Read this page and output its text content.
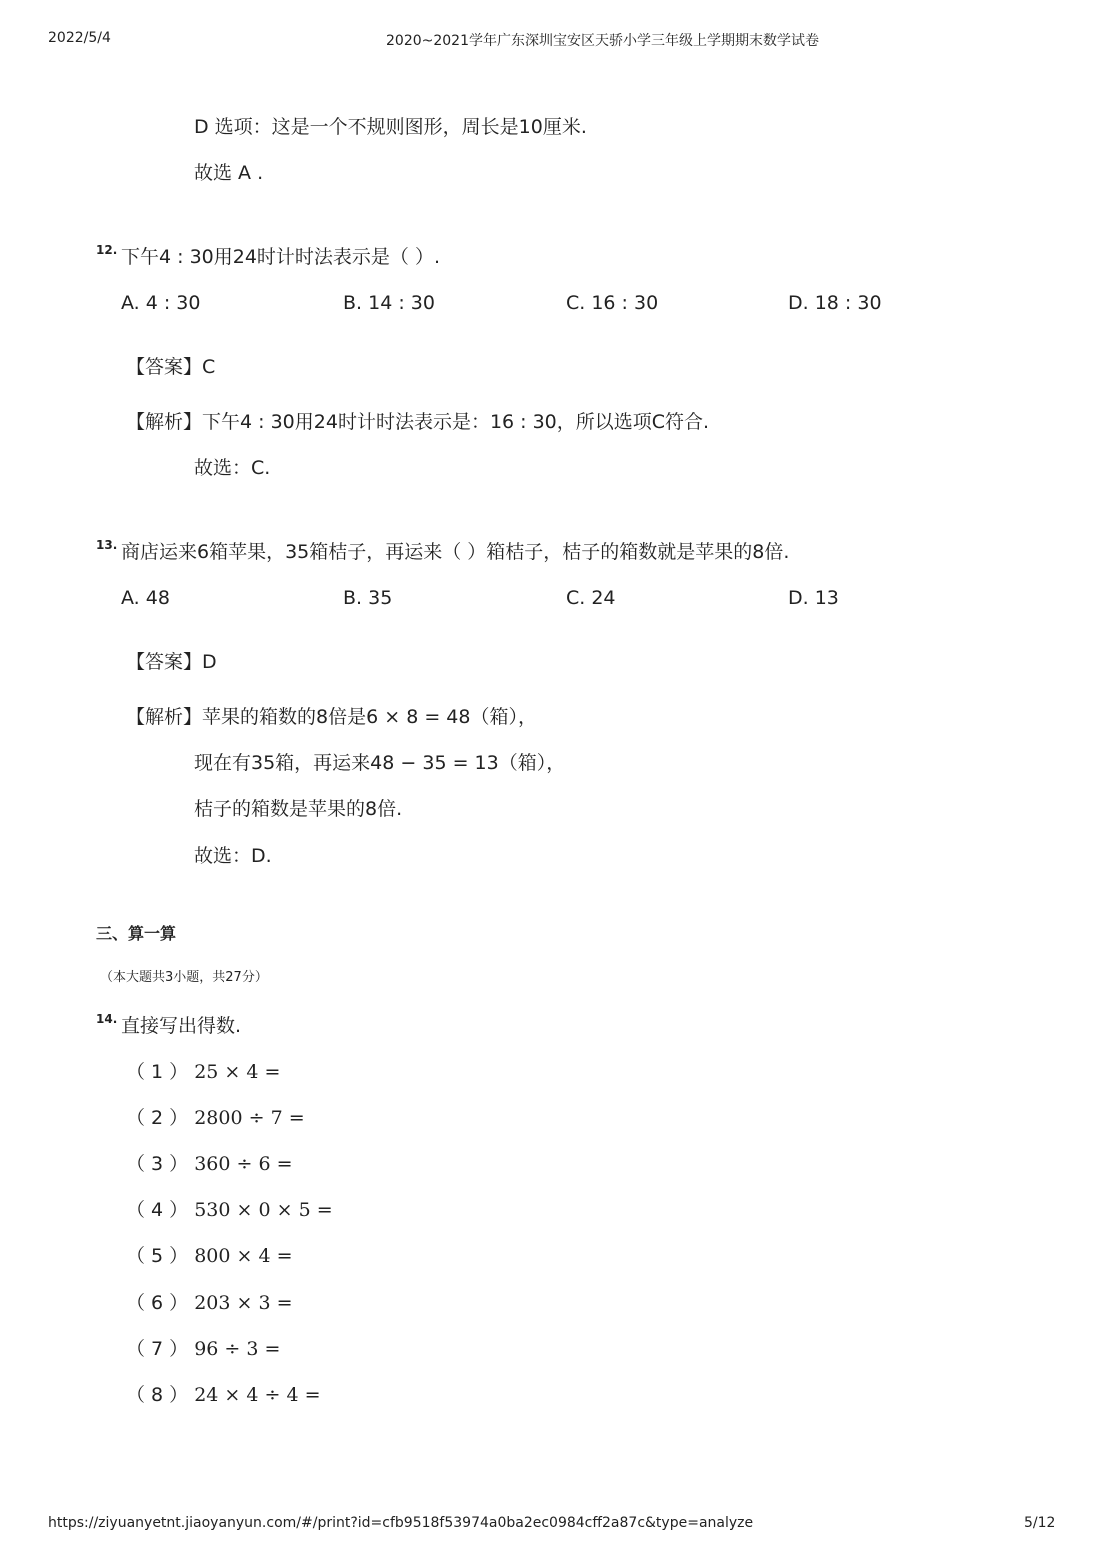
2022/5/4	2020~2021学年广东深圳宝安区天骄小学三年级上学期期末数学试卷
D 选项：这是一个不规则图形，周长是10厘米.
故选 A .
12. 下午4 : 30用24时计时法表示是（ ）.
A. 4 : 30	B. 14 : 30	C. 16 : 30	D. 18 : 30
【答案】C
【解析】下午4 : 30用24时计时法表示是：16 : 30，所以选项C符合.
故选：C.
13. 商店运来6箱苹果，35箱桔子，再运来（ ）箱桔子，桔子的箱数就是苹果的8倍.
A. 48	B. 35	C. 24	D. 13
【答案】D
【解析】苹果的箱数的8倍是6 × 8 = 48（箱），
现在有35箱，再运来48 − 35 = 13（箱），
桔子的箱数是苹果的8倍.
故选：D.
三、算一算
（本大题共3小题，共27分）
14. 直接写出得数.
（ 1 ） 25 × 4 =
（ 2 ） 2800 ÷ 7 =
（ 3 ） 360 ÷ 6 =
（ 4 ） 530 × 0 × 5 =
（ 5 ） 800 × 4 =
（ 6 ） 203 × 3 =
（ 7 ） 96 ÷ 3 =
（ 8 ） 24 × 4 ÷ 4 =
https://ziyuanyetnt.jiaoyanyun.com/#/print?id=cfb9518f53974a0ba2ec0984cff2a87c&type=analyze	5/12
